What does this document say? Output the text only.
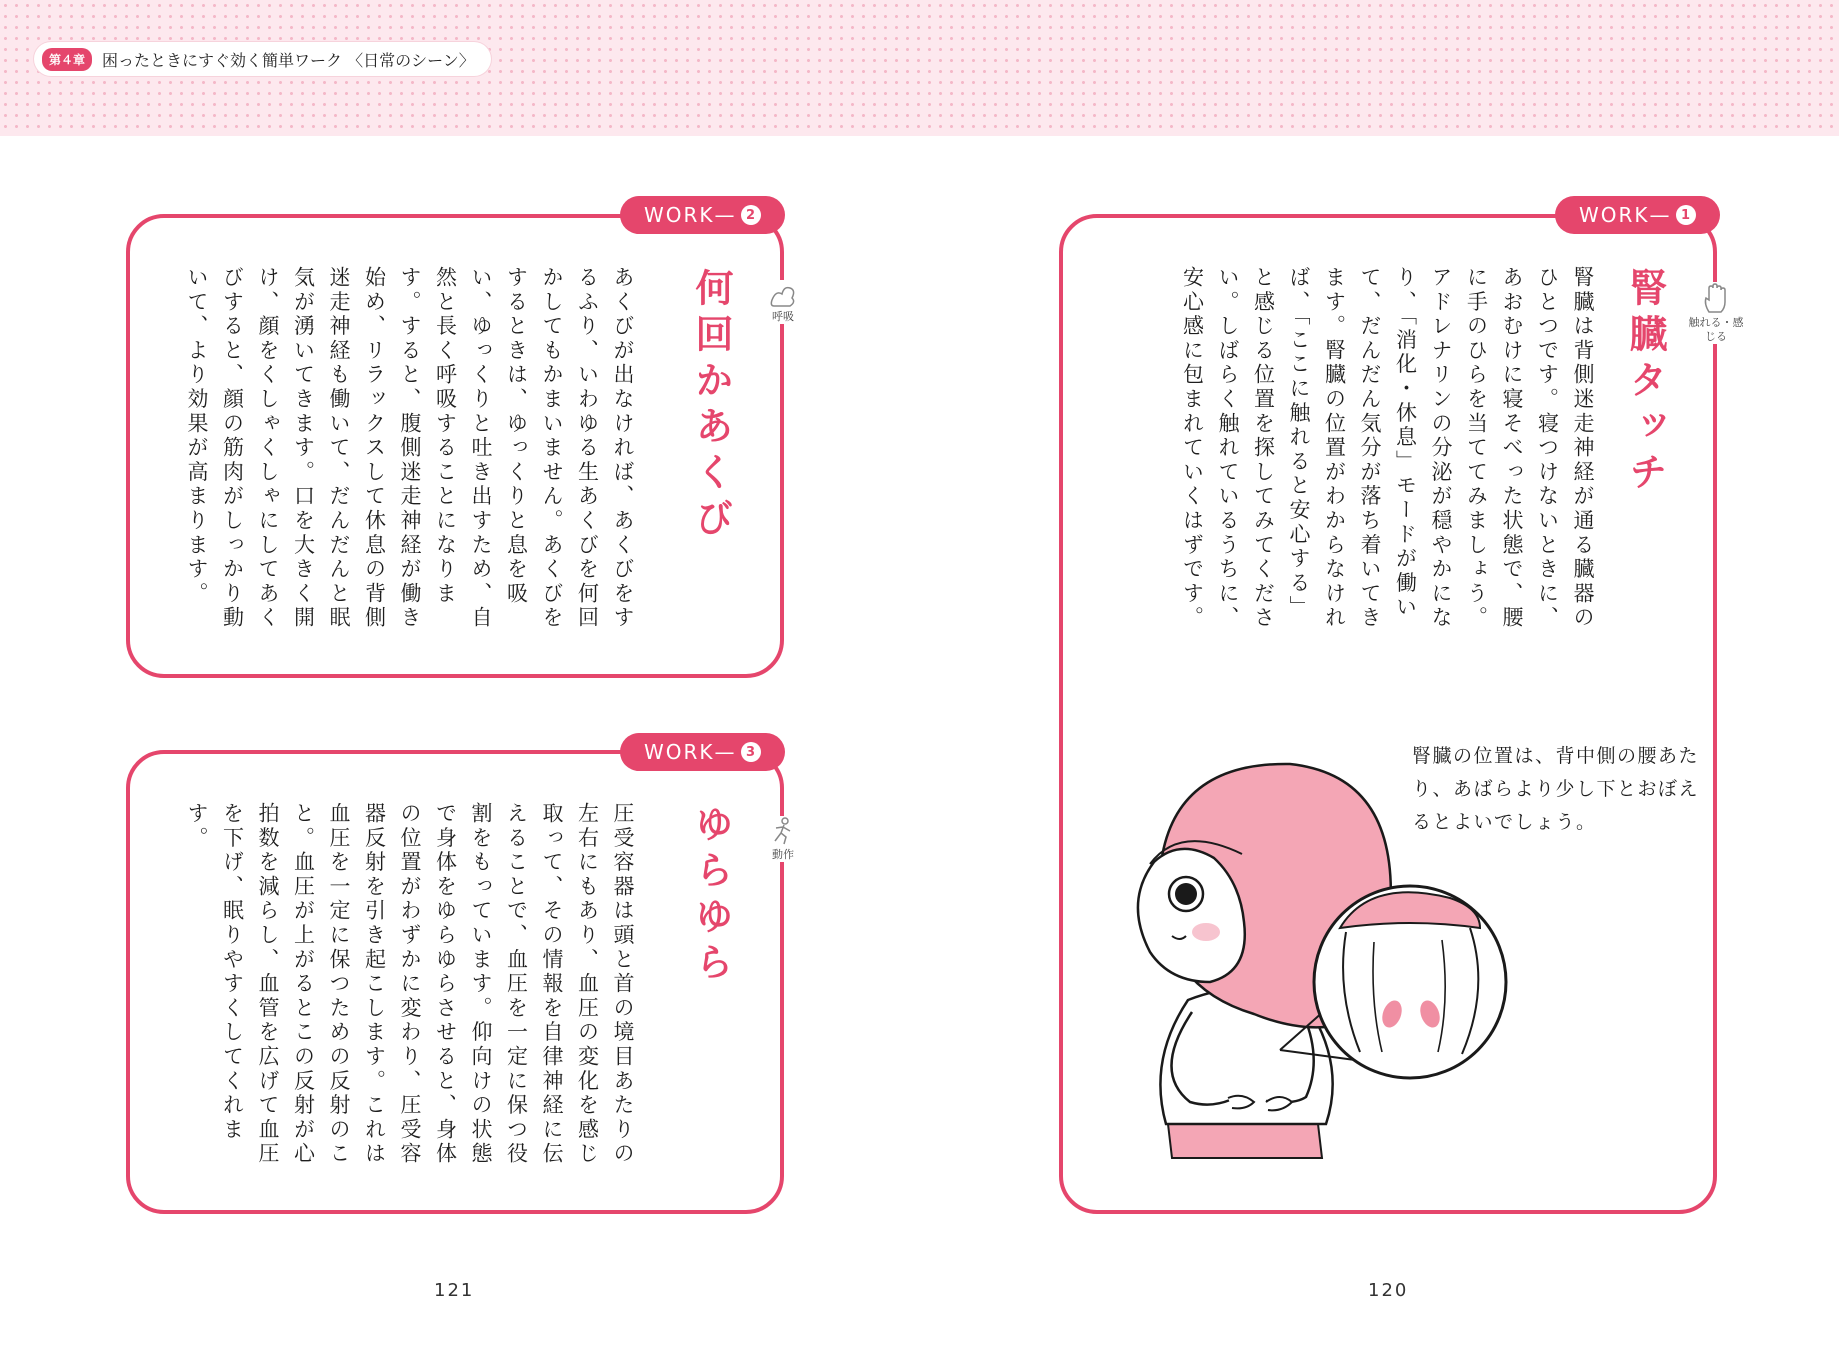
第４章	困ったときにすぐ効く簡単ワーク 〈日常のシーン〉
WORK— 2
呼吸
何回かあくび
あくびが出なければ、あくびをするふり、いわゆる生あくびを何回かしてもかまいません。あくびをするときは、ゆっくりと息を吸い、ゆっくりと吐き出すため、自然と長く呼吸することになります。すると、腹側迷走神経が働き始め、リラックスして休息の背側迷走神経も働いて、だんだんと眠気が湧いてきます。口を大きく開け、顔をくしゃくしゃにしてあくびすると、顔の筋肉がしっかり動いて、より効果が高まります。
WORK— 3
動作
ゆらゆら
圧受容器は頭と首の境目あたりの左右にもあり、血圧の変化を感じ取って、その情報を自律神経に伝えることで、血圧を一定に保つ役割をもっています。仰向けの状態で身体をゆらゆらさせると、身体の位置がわずかに変わり、圧受容器反射を引き起こします。これは血圧を一定に保つための反射のこと。血圧が上がるとこの反射が心拍数を減らし、血管を広げて血圧を下げ、眠りやすくしてくれます。
WORK— 1
触れる・感じる
腎臓タッチ
腎臓は背側迷走神経が通る臓器のひとつです。寝つけないときに、あおむけに寝そべった状態で、腰に手のひらを当ててみましょう。アドレナリンの分泌が穏やかになり、「消化・休息」モードが働いて、だんだん気分が落ち着いてきます。腎臓の位置がわからなければ、「ここに触れると安心する」と感じる位置を探してみてください。しばらく触れているうちに、安心感に包まれていくはずです。
腎臓の位置は、背中側の腰あたり、あばらより少し下とおぼえるとよいでしょう。
121	120
